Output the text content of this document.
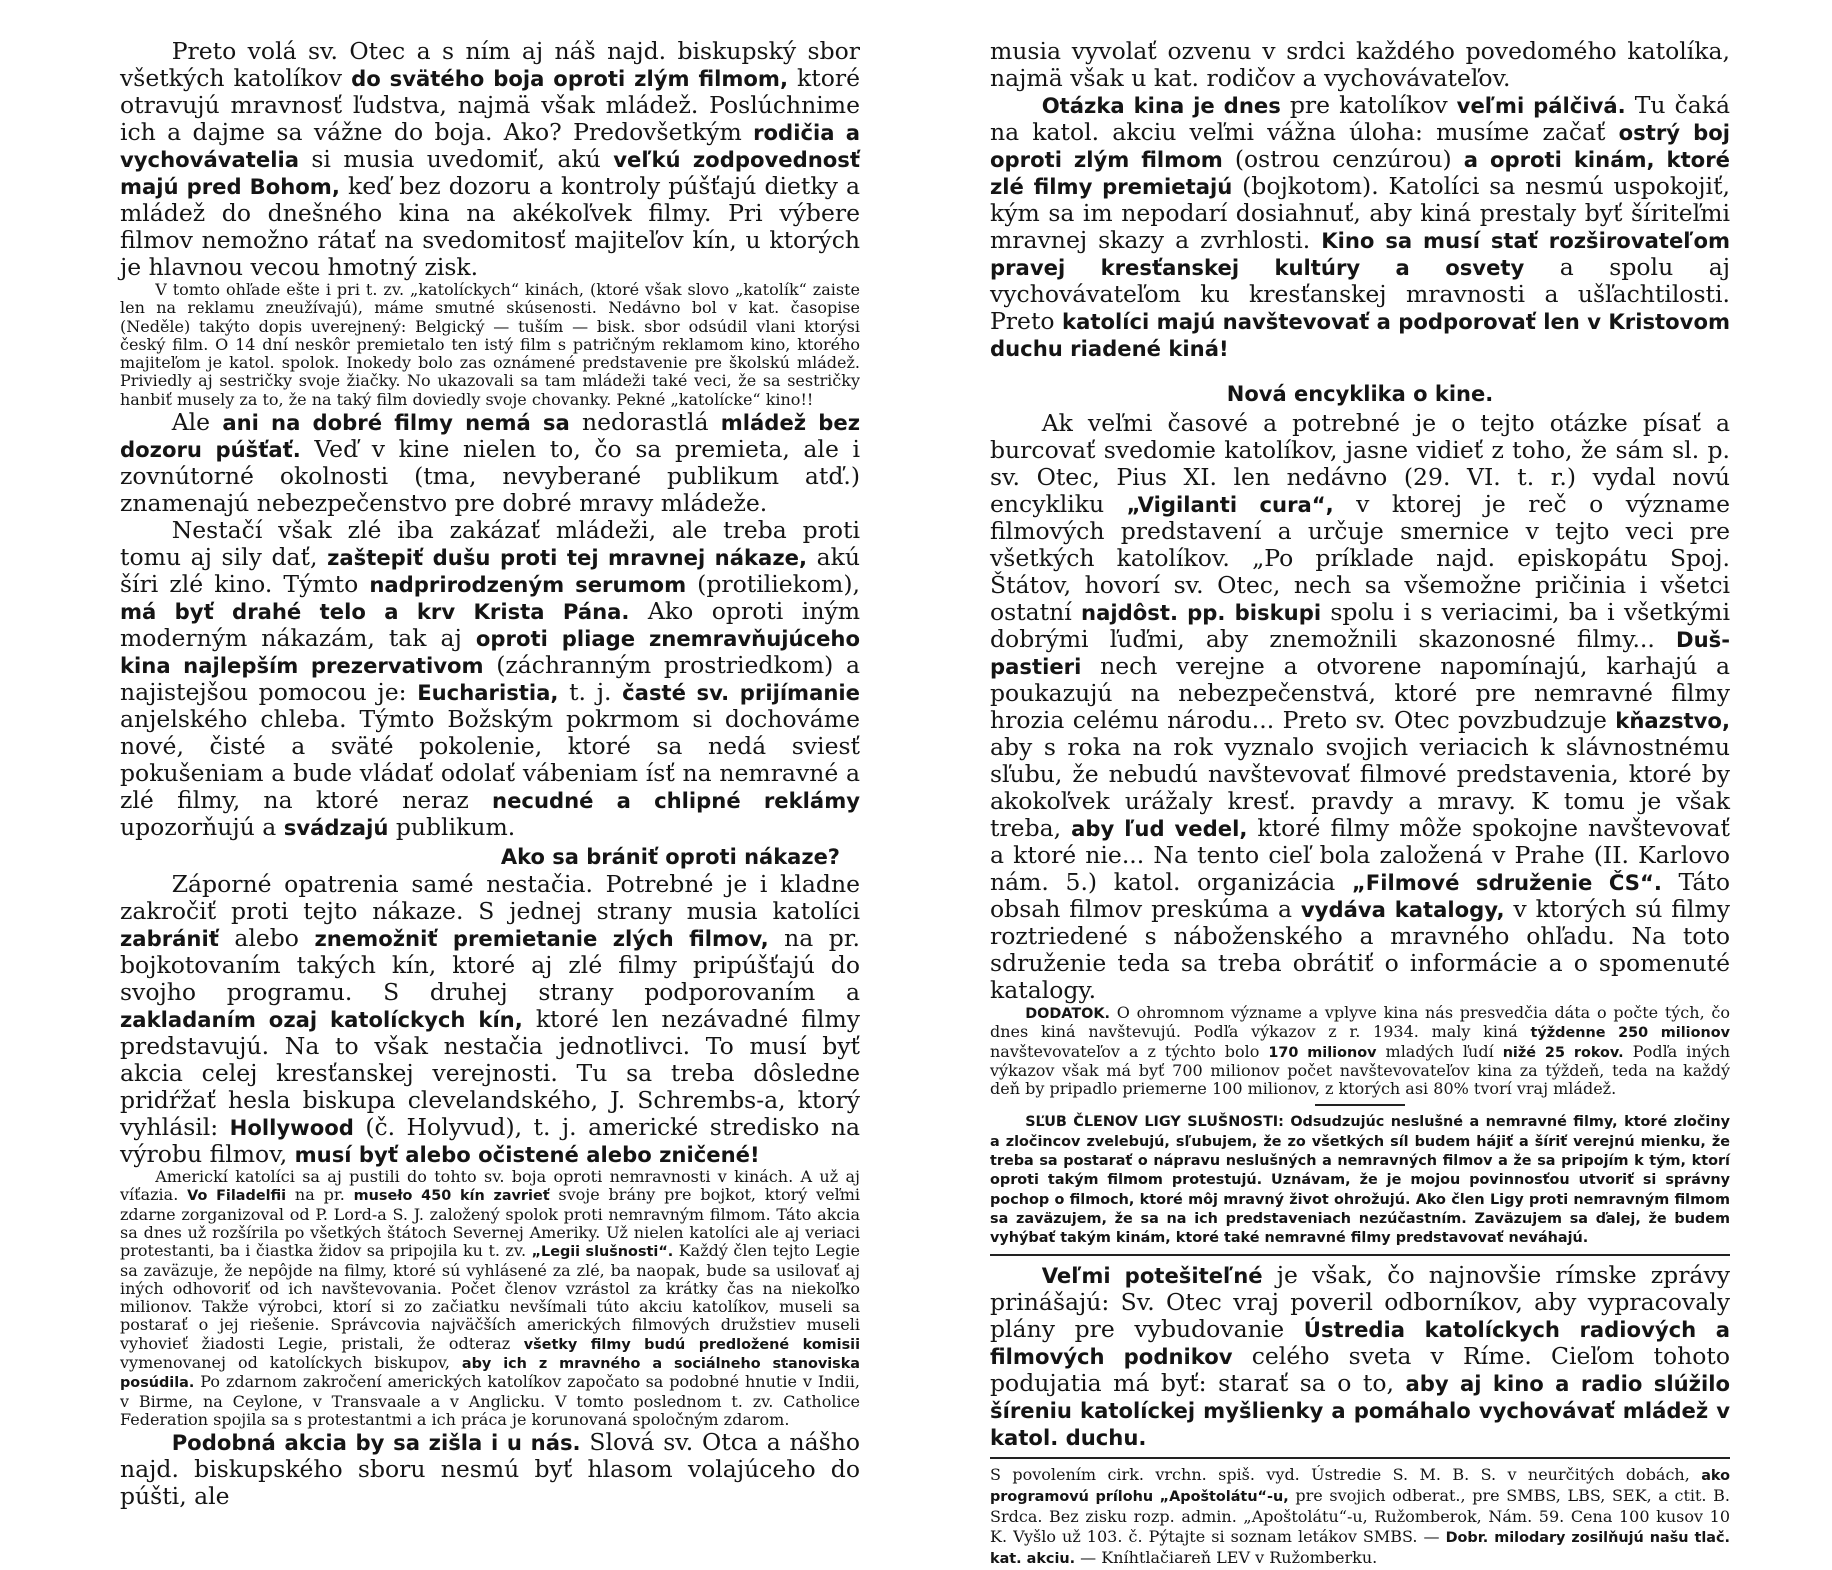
Preto volá sv. Otec a s ním aj náš najd. biskupský sbor všetkých katolíkov do svätého boja oproti zlým filmom, ktoré otravujú mravnosť ľudstva, najmä však mládež. Poslúchnime ich a dajme sa vážne do boja. Ako? Predovšetkým rodičia a vychovávatelia si musia uvedomiť, akú veľkú zodpovednosť majú pred Bohom, keď bez dozoru a kontroly púšťajú dietky a mládež do dnešného kina na akékoľvek filmy. Pri výbere filmov nemožno rátať na svedomitosť majiteľov kín, u ktorých je hlavnou vecou hmotný zisk.

V tomto ohľade ešte i pri t. zv. „katolíckych“ kinách, (ktoré však slovo „katolík“ zaiste len na reklamu zneužívajú), máme smutné skúsenosti. Nedávno bol v kat. časopise (Neděle) takýto dopis uverejnený: Belgický — tuším — bisk. sbor odsúdil vlani ktorýsi český film. O 14 dní neskôr premietalo ten istý film s patričným reklamom kino, ktorého majiteľom je katol. spolok. Inokedy bolo zas oznámené predstavenie pre školskú mládež. Priviedly aj sestričky svoje žiačky. No ukazovali sa tam mládeži také veci, že sa sestričky hanbiť musely za to, že na taký film doviedly svoje chovanky. Pekné „katolícke“ kino!!

Ale ani na dobré filmy nemá sa nedorastlá mládež bez dozoru púšťať. Veď v kine nielen to, čo sa premieta, ale i zovnútorné okolnosti (tma, nevyberané publikum atď.) znamenajú nebezpečenstvo pre dobré mravy mládeže.

Nestačí však zlé iba zakázať mládeži, ale treba proti tomu aj sily dať, zaštepiť dušu proti tej mravnej nákaze, akú šíri zlé kino. Týmto nadprirodzeným serumom (protiliekom), má byť drahé telo a krv Krista Pána. Ako oproti iným moderným nákazám, tak aj oproti pliage znemravňujúceho kina najlepším prezervativom (záchranným prostriedkom) a najistejšou pomocou je: Eucharistia, t. j. časté sv. prijímanie anjelského chleba. Týmto Božským pokrmom si dochováme nové, čisté a sväté pokolenie, ktoré sa nedá sviesť pokušeniam a bude vládať odolať vábeniam ísť na nemravné a zlé filmy, na ktoré neraz necudné a chlipné reklámy upozorňujú a svádzajú publikum.

Ako sa brániť oproti nákaze?

Záporné opatrenia samé nestačia. Potrebné je i kladne zakročiť proti tejto nákaze. S jednej strany musia katolíci zabrániť alebo znemožniť premietanie zlých filmov, na pr. bojkotovaním takých kín, ktoré aj zlé filmy pripúšťajú do svojho programu. S druhej strany podporovaním a zakladaním ozaj katolíckych kín, ktoré len nezávadné filmy predstavujú. Na to však nestačia jednotlivci. To musí byť akcia celej kresťanskej verejnosti. Tu sa treba dôsledne pridŕžať hesla biskupa clevelandského, J. Schrembs-a, ktorý vyhlásil: Hollywood (č. Holyvud), t. j. americké stredisko na výrobu filmov, musí byť alebo očistené alebo zničené!

Americkí katolíci sa aj pustili do tohto sv. boja oproti nemravnosti v kinách. A už aj víťazia. Vo Filadelfii na pr. museło 450 kín zavrieť svoje brány pre bojkot, ktorý veľmi zdarne zorganizoval od P. Lord-a S. J. založený spolok proti nemravným filmom. Táto akcia sa dnes už rozšírila po všetkých štátoch Severnej Ameriky. Už nielen katolíci ale aj veriaci protestanti, ba i čiastka židov sa pripojila ku t. zv. „Legii slušnosti“. Každý člen tejto Legie sa zaväzuje, že nepôjde na filmy, ktoré sú vyhlásené za zlé, ba naopak, bude sa usilovať aj iných odhovoriť od ich navštevovania. Počet členov vzrástol za krátky čas na niekoľko milionov. Takže výrobci, ktorí si zo začiatku nevšímali túto akciu katolíkov, museli sa postarať o jej riešenie. Správcovia najväčších amerických filmových družstiev museli vyhovieť žiadosti Legie, pristali, že odteraz všetky filmy budú predložené komisii vymenovanej od katolíckych biskupov, aby ich z mravného a sociálneho stanoviska posúdila. Po zdarnom zakročení amerických katolíkov započato sa podobné hnutie v Indii, v Birme, na Ceylone, v Transvaale a v Anglicku. V tomto poslednom t. zv. Catholice Federation spojila sa s protestantmi a ich práca je korunovaná spoločným zdarom.

Podobná akcia by sa zišla i u nás. Slová sv. Otca a nášho najd. biskupského sboru nesmú byť hlasom volajúceho do púšti, ale

musia vyvolať ozvenu v srdci každého povedomého katolíka, najmä však u kat. rodičov a vychovávateľov.

Otázka kina je dnes pre katolíkov veľmi pálčivá. Tu čaká na katol. akciu veľmi vážna úloha: musíme začať ostrý boj oproti zlým filmom (ostrou cenzúrou) a oproti kinám, ktoré zlé filmy premietajú (bojkotom). Katolíci sa nesmú uspokojiť, kým sa im nepodarí dosiahnuť, aby kiná prestaly byť šíriteľmi mravnej skazy a zvrhlosti. Kino sa musí stať rozširovateľom pravej kresťanskej kultúry a osvety a spolu aj vychovávateľom ku kresťanskej mravnosti a ušľachtilosti. Preto katolíci majú navštevovať a podporovať len v Kristovom duchu riadené kiná!

Nová encyklika o kine.

Ak veľmi časové a potrebné je o tejto otázke písať a burcovať svedomie katolíkov, jasne vidieť z toho, že sám sl. p. sv. Otec, Pius XI. len nedávno (29. VI. t. r.) vydal novú encykliku „Vigilanti cura“, v ktorej je reč o význame filmových predstavení a určuje smernice v tejto veci pre všetkých katolíkov. „Po príklade najd. episkopátu Spoj. Štátov, hovorí sv. Otec, nech sa všemožne pričinia i všetci ostatní najdôst. pp. biskupi spolu i s veriacimi, ba i všetkými dobrými ľuďmi, aby znemožnili skazonosné filmy... Dušpastieri nech verejne a otvorene napomínajú, karhajú a poukazujú na nebezpečenstvá, ktoré pre nemravné filmy hrozia celému národu... Preto sv. Otec povzbudzuje kňazstvo, aby s roka na rok vyznalo svojich veriacich k slávnostnému sľubu, že nebudú navštevovať filmové predstavenia, ktoré by akokoľvek urážaly kresť. pravdy a mravy. K tomu je však treba, aby ľud vedel, ktoré filmy môže spokojne navštevovať a ktoré nie... Na tento cieľ bola založená v Prahe (II. Karlovo nám. 5.) katol. organizácia „Filmové sdruženie ČS“. Táto obsah filmov preskúma a vydáva katalogy, v ktorých sú filmy roztriedené s náboženského a mravného ohľadu. Na toto sdruženie teda sa treba obrátiť o informácie a o spomenuté katalogy.

DODATOK. O ohromnom význame a vplyve kina nás presvedčia dáta o počte tých, čo dnes kiná navštevujú. Podľa výkazov z r. 1934. maly kiná týždenne 250 milionov navštevovateľov a z týchto bolo 170 milionov mladých ľudí nižé 25 rokov. Podľa iných výkazov však má byť 700 milionov počet navštevovateľov kina za týždeň, teda na každý deň by pripadlo priemerne 100 milionov, z ktorých asi 80% tvorí vraj mládež.

SĽUB ČLENOV LIGY SLUŠNOSTI: Odsudzujúc neslušné a nemravné filmy, ktoré zločiny a zločincov zvelebujú, sľubujem, že zo všetkých síl budem hájiť a šíriť verejnú mienku, že treba sa postarať o nápravu neslušných a nemravných filmov a že sa pripojím k tým, ktorí oproti takým filmom protestujú. Uznávam, že je mojou povinnosťou utvoriť si správny pochop o filmoch, ktoré môj mravný život ohrožujú. Ako člen Ligy proti nemravným filmom sa zaväzujem, že sa na ich predstaveniach nezúčastním. Zaväzujem sa ďalej, že budem vyhýbať takým kinám, ktoré také nemravné filmy predstavovať neváhajú.

Veľmi potešiteľné je však, čo najnovšie rímske zprávy prinášajú: Sv. Otec vraj poveril odborníkov, aby vypracovaly plány pre vybudovanie Ústredia katolíckych radiových a filmových podnikov celého sveta v Ríme. Cieľom tohoto podujatia má byť: starať sa o to, aby aj kino a radio slúžilo šíreniu katolíckej myšlienky a pomáhalo vychovávať mládež v katol. duchu.

S povolením cirk. vrchn. spiš. vyd. Ústredie S. M. B. S. v neurčitých dobách, ako programovú prílohu „Apoštolátu“-u, pre svojich odberat., pre SMBS, LBS, SEK, a ctit. B. Srdca. Bez zisku rozp. admin. „Apoštolátu“-u, Ružomberok, Nám. 59. Cena 100 kusov 10 K. Vyšlo už 103. č. Pýtajte si soznam letákov SMBS. — Dobr. milodary zosilňujú našu tlač. kat. akciu. — Kníhtlačiareň LEV v Ružomberku.
